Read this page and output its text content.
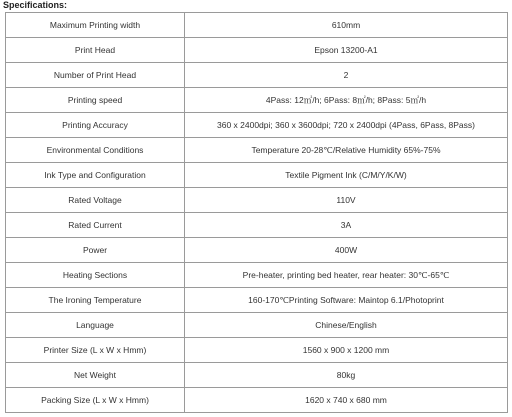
Specifications:
Maximum Printing width	610mm
Print Head	Epson 13200-A1
Number of Print Head	2
Printing speed	4Pass: 12㎡/h; 6Pass: 8㎡/h; 8Pass: 5㎡/h
Printing Accuracy	360 x 2400dpi; 360 x 3600dpi; 720 x 2400dpi (4Pass, 6Pass, 8Pass)
Environmental Conditions	Temperature 20-28℃/Relative Humidity 65%-75%
Ink Type and Configuration	Textile Pigment Ink (C/M/Y/K/W)
Rated Voltage	110V
Rated Current	3A
Power	400W
Heating Sections	Pre-heater, printing bed heater, rear heater: 30℃-65℃
The Ironing Temperature	160-170℃Printing Software: Maintop 6.1/Photoprint
Language	Chinese/English
Printer Size (L x W x Hmm)	1560 x 900 x 1200 mm
Net Weight	80kg
Packing Size (L x W x Hmm)	1620 x 740 x 680 mm
